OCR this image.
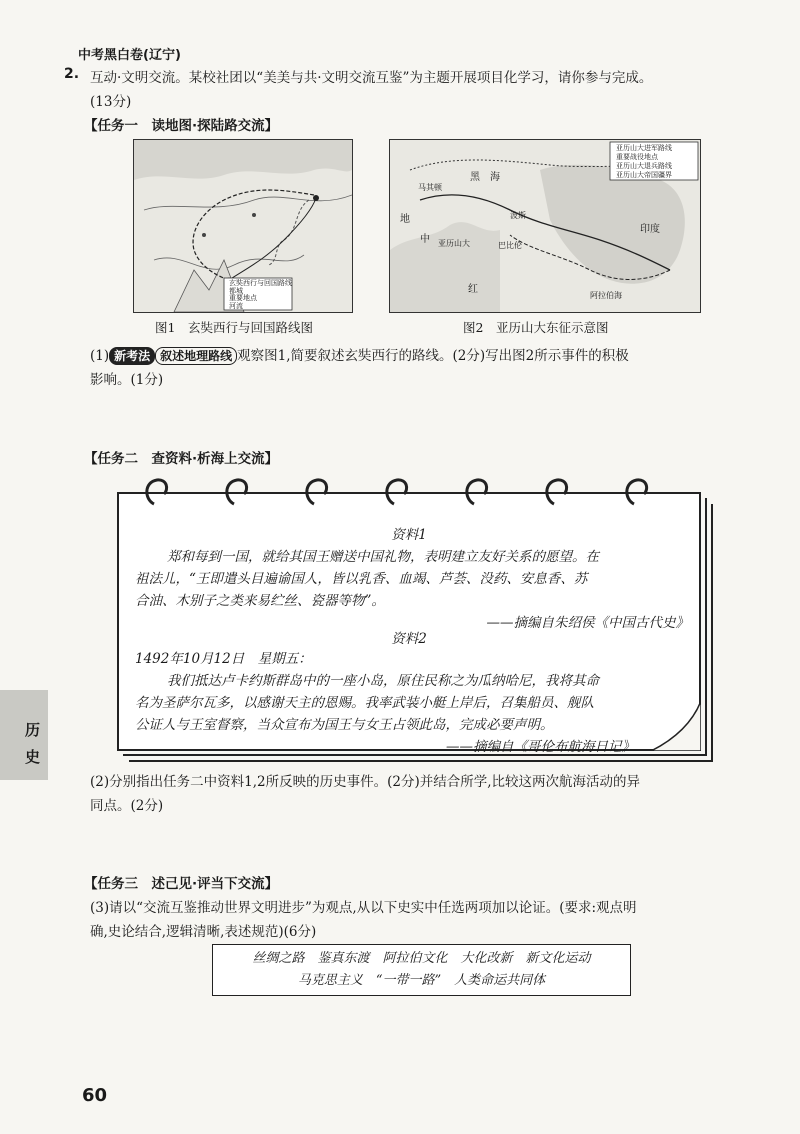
中考黑白卷(辽宁)
2. 互动·文明交流。某校社团以“美美与共·文明交流互鉴”为主题开展项目化学习，请你参与完成。
(13分)
【任务一　读地图·探陆路交流】
玄奘西行与回国路线
都城
重要地点
河流
亚历山大进军路线
重要战役地点
亚历山大退兵路线
亚历山大帝国疆界
黑 海
地
中
马其顿
波斯
巴比伦
亚历山大
红
印度
阿拉伯海
图1　玄奘西行与回国路线图	图2　亚历山大东征示意图
(1) 新考法 叙述地理路线 观察图1,简要叙述玄奘西行的路线。(2分)写出图2所示事件的积极
影响。(1分)
【任务二　查资料·析海上交流】
资料1
郑和每到一国，就给其国王赠送中国礼物，表明建立友好关系的愿望。在
祖法儿，“王即遣头目遍谕国人，皆以乳香、血竭、芦荟、没药、安息香、苏
合油、木别子之类来易纻丝、瓷器等物”。
——摘编自朱绍侯《中国古代史》
资料2
1492年10月12日　星期五：
我们抵达卢卡约斯群岛中的一座小岛，原住民称之为瓜纳哈尼，我将其命
名为圣萨尔瓦多，以感谢天主的恩赐。我率武装小艇上岸后，召集船员、舰队
公证人与王室督察，当众宣布为国王与女王占领此岛，完成必要声明。
——摘编自《哥伦布航海日记》
(2)分别指出任务二中资料1,2所反映的历史事件。(2分)并结合所学,比较这两次航海活动的异
同点。(2分)
【任务三　述己见·评当下交流】
(3)请以“交流互鉴推动世界文明进步”为观点,从以下史实中任选两项加以论证。(要求:观点明
确,史论结合,逻辑清晰,表述规范)(6分)
丝绸之路　鉴真东渡　阿拉伯文化　大化改新　新文化运动
马克思主义　“一带一路”　人类命运共同体
历史
60
